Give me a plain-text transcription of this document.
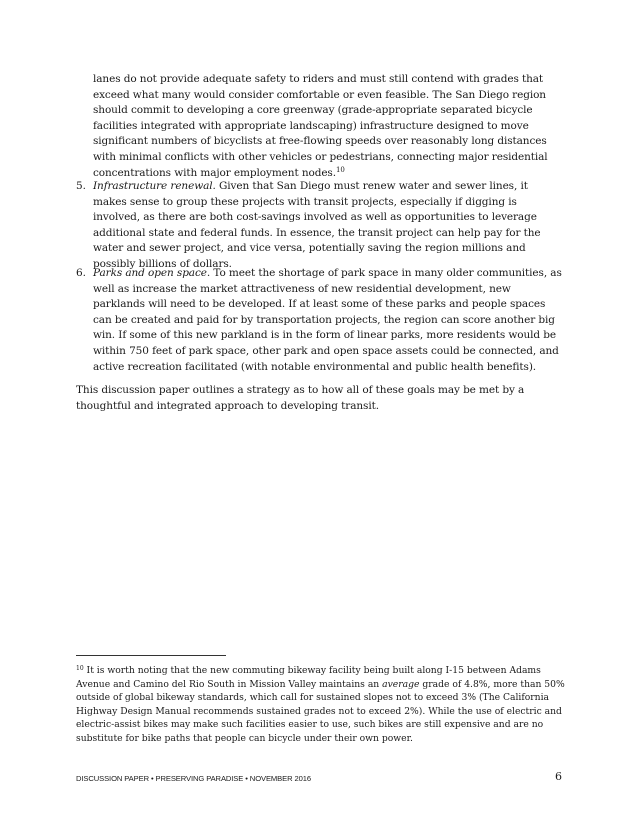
lanes do not provide adequate safety to riders and must still contend with grades that exceed what many would consider comfortable or even feasible. The San Diego region should commit to developing a core greenway (grade-appropriate separated bicycle facilities integrated with appropriate landscaping) infrastructure designed to move significant numbers of bicyclists at free-flowing speeds over reasonably long distances with minimal conflicts with other vehicles or pedestrians, connecting major residential concentrations with major employment nodes.$^{10}$

5. Infrastructure renewal. Given that San Diego must renew water and sewer lines, it makes sense to group these projects with transit projects, especially if digging is involved, as there are both cost-savings involved as well as opportunities to leverage additional state and federal funds. In essence, the transit project can help pay for the water and sewer project, and vice versa, potentially saving the region millions and possibly billions of dollars.

6. Parks and open space. To meet the shortage of park space in many older communities, as well as increase the market attractiveness of new residential development, new parklands will need to be developed. If at least some of these parks and people spaces can be created and paid for by transportation projects, the region can score another big win. If some of this new parkland is in the form of linear parks, more residents would be within 750 feet of park space, other park and open space assets could be connected, and active recreation facilitated (with notable environmental and public health benefits).

This discussion paper outlines a strategy as to how all of these goals may be met by a thoughtful and integrated approach to developing transit.

$^{10}$ It is worth noting that the new commuting bikeway facility being built along I-15 between Adams Avenue and Camino del Rio South in Mission Valley maintains an average grade of 4.8%, more than 50% outside of global bikeway standards, which call for sustained slopes not to exceed 3% (The California Highway Design Manual recommends sustained grades not to exceed 2%). While the use of electric and electric-assist bikes may make such facilities easier to use, such bikes are still expensive and are no substitute for bike paths that people can bicycle under their own power.

DISCUSSION PAPER • PRESERVING PARADISE • NOVEMBER 2016	6
